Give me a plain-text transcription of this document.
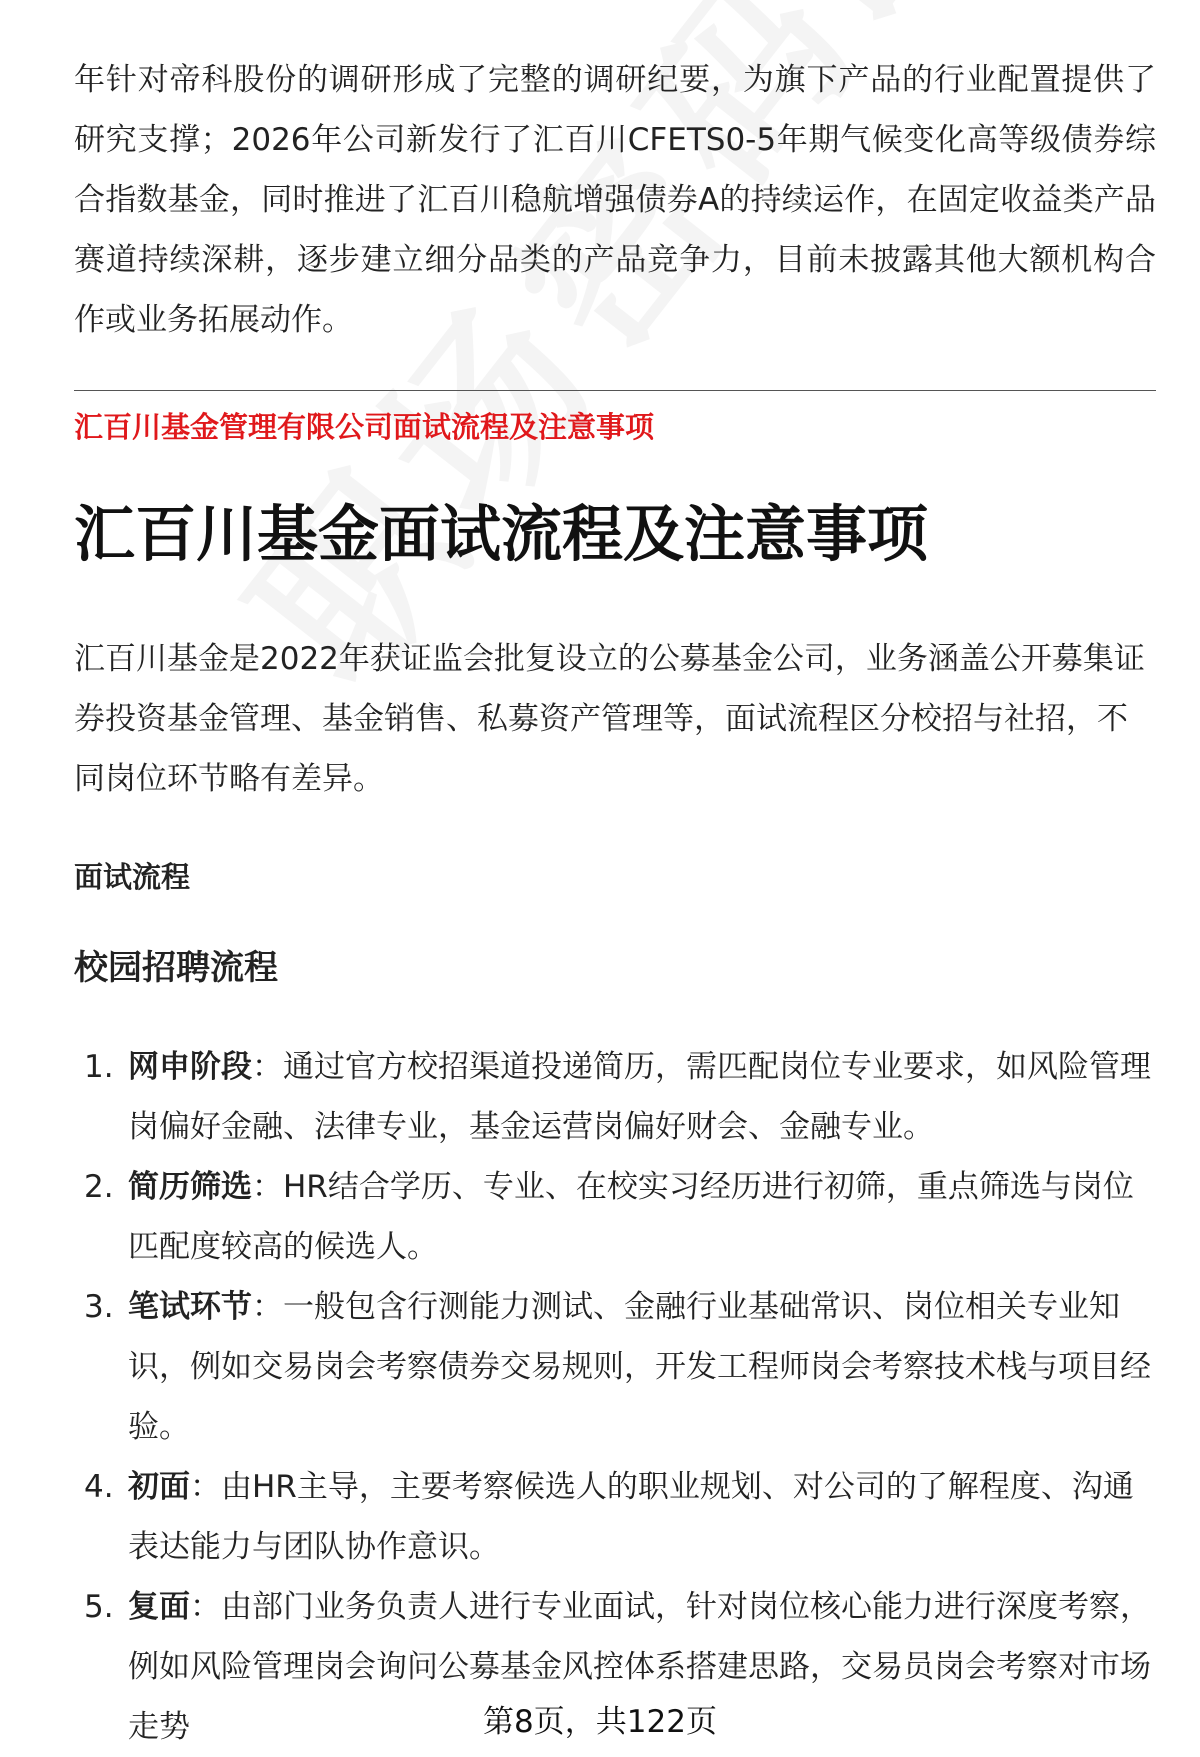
年针对帝科股份的调研形成了完整的调研纪要，为旗下产品的行业配置提供了研究支撑；2026年公司新发行了汇百川CFETS0-5年期气候变化高等级债券综合指数基金，同时推进了汇百川稳航增强债券A的持续运作，在固定收益类产品赛道持续深耕，逐步建立细分品类的产品竞争力，目前未披露其他大额机构合作或业务拓展动作。

汇百川基金管理有限公司面试流程及注意事项

汇百川基金面试流程及注意事项

汇百川基金是2022年获证监会批复设立的公募基金公司，业务涵盖公开募集证券投资基金管理、基金销售、私募资产管理等，面试流程区分校招与社招，不同岗位环节略有差异。

面试流程
校园招聘流程
1. 网申阶段：通过官方校招渠道投递简历，需匹配岗位专业要求，如风险管理岗偏好金融、法律专业，基金运营岗偏好财会、金融专业。
2. 简历筛选：HR结合学历、专业、在校实习经历进行初筛，重点筛选与岗位匹配度较高的候选人。
3. 笔试环节：一般包含行测能力测试、金融行业基础常识、岗位相关专业知识，例如交易岗会考察债券交易规则，开发工程师岗会考察技术栈与项目经验。
4. 初面：由HR主导，主要考察候选人的职业规划、对公司的了解程度、沟通表达能力与团队协作意识。
5. 复面：由部门业务负责人进行专业面试，针对岗位核心能力进行深度考察，例如风险管理岗会询问公募基金风控体系搭建思路，交易员岗会考察对市场走势	第8页，共122页
